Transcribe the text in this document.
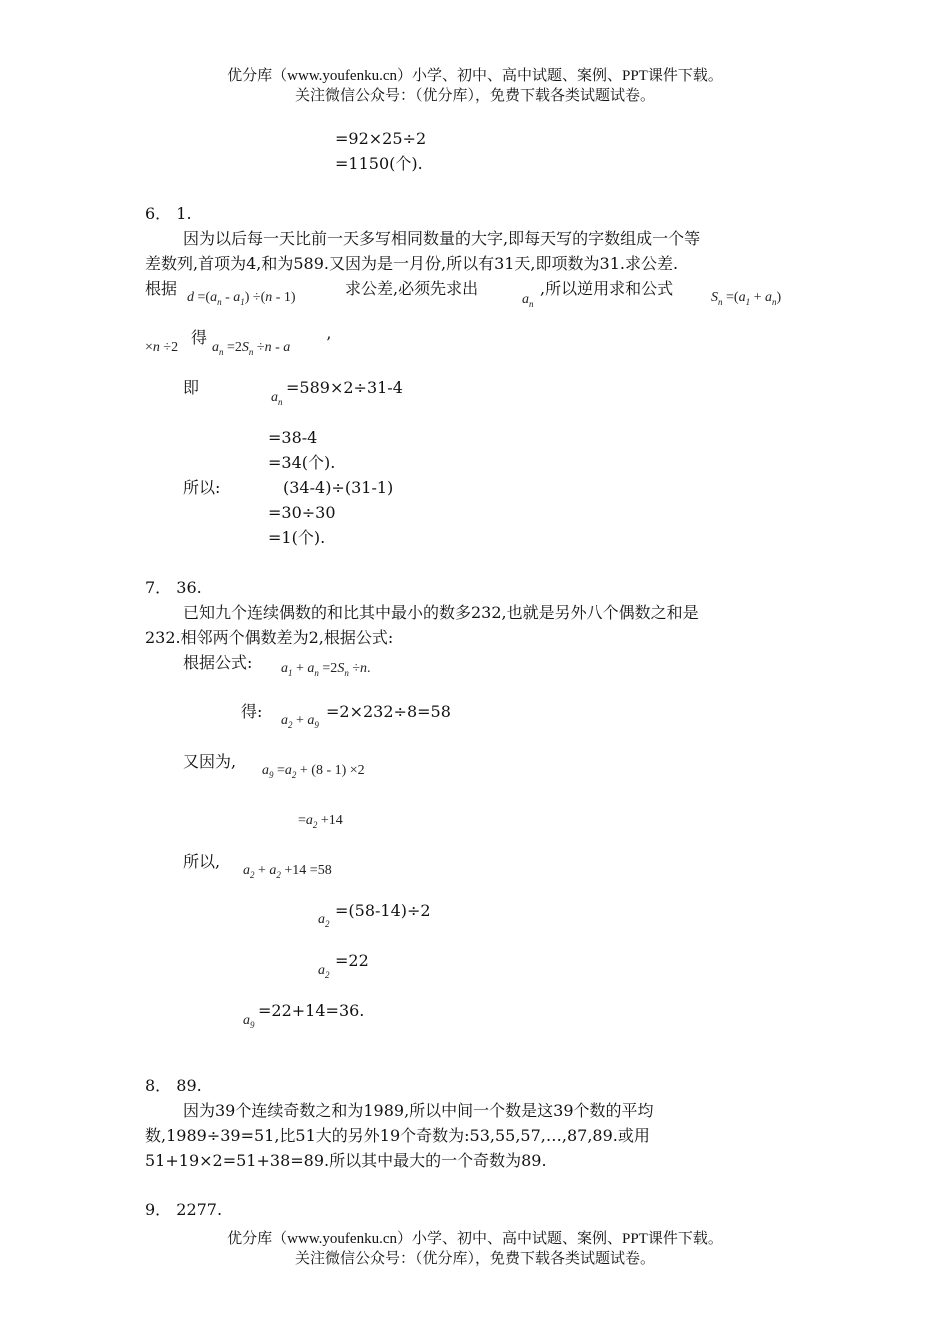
优分库（www.youfenku.cn）小学、初中、高中试题、案例、PPT课件下载。
关注微信公众号：（优分库），免费下载各类试题试卷。
=92×25÷2
=1150(个).
6． 1.
因为以后每一天比前一天多写相同数量的大字,即每天写的字数组成一个等
差数列,首项为4,和为589.又因为是一月份,所以有31天,即项数为31.求公差.
根据 $d =(a_n - a_1) \div(n - 1)$	求公差,必须先求出
$a_n$
,所以逆用求和公式	$S_n =(a_1 + a_n)$
×n ÷2
得
$a_n =2S_n \div n - a$ ’
即
$a_n$
=589×2÷31-4
=38-4
=34(个).
所以:	(34-4)÷(31-1)
=30÷30
=1(个).
7． 36.
已知九个连续偶数的和比其中最小的数多232,也就是另外八个偶数之和是
232.相邻两个偶数差为2,根据公式:
根据公式: $a_1 + a_n =2S_n \div n$.
得: $a_2 + a_9$
=2×232÷8=58
又因为, $a_9 =a_2 + (8 - 1) \times 2$
$=a_2 +14$
所以, $a_2 + a_2 +14 =58$
$a_2$
=(58-14)÷2
$a_2$
=22
$a_9$
=22+14=36.
8． 89.
因为39个连续奇数之和为1989,所以中间一个数是这39个数的平均
数,1989÷39=51,比51大的另外19个奇数为:53,55,57,…,87,89.或用
51+19×2=51+38=89.所以其中最大的一个奇数为89.
9． 2277.
优分库（www.youfenku.cn）小学、初中、高中试题、案例、PPT课件下载。
关注微信公众号：（优分库），免费下载各类试题试卷。
